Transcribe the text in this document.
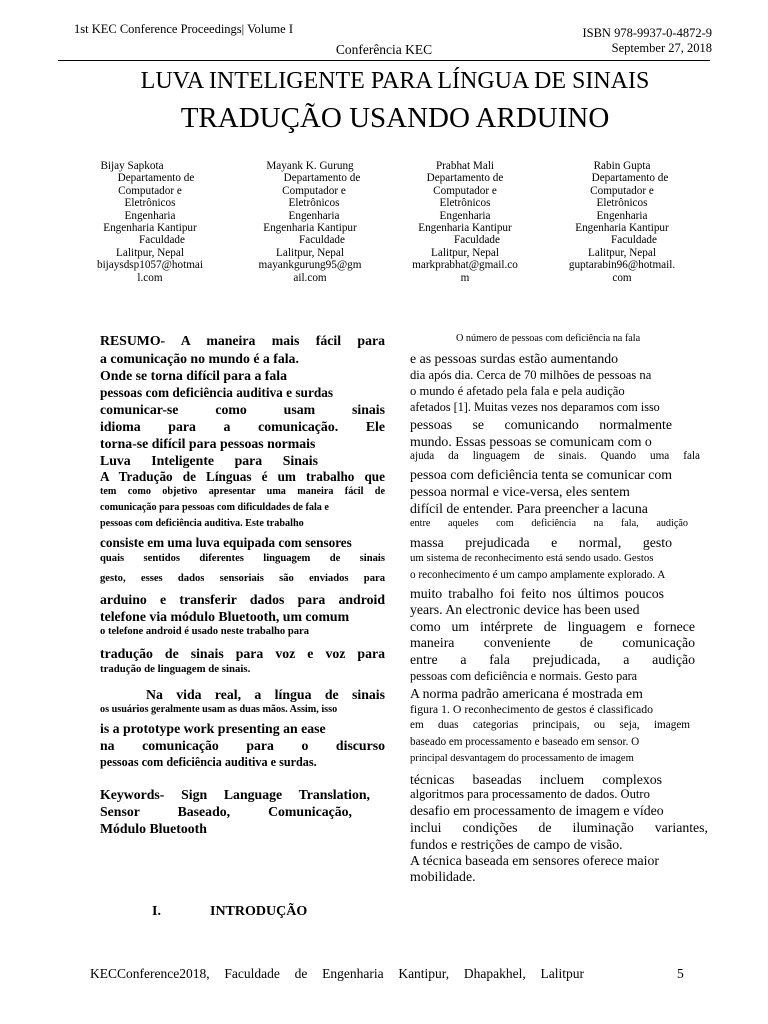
1st KEC Conference Proceedings| Volume I	ISBN 978-9937-0-4872-9
September 27, 2018
Conferência KEC
LUVA INTELIGENTE PARA LÍNGUA DE SINAIS
TRADUÇÃO USANDO ARDUINO
Bijay Sapkota
Departamento de
Computador e
Eletrônicos
Engenharia
Engenharia Kantipur
Faculdade
Lalitpur, Nepal
bijaysdsp1057@hotmai
l.com
Mayank K. Gurung
Departamento de
Computador e
Eletrônicos
Engenharia
Engenharia Kantipur
Faculdade
Lalitpur, Nepal
mayankgurung95@gm
ail.com
Prabhat Mali
Departamento de
Computador e
Eletrônicos
Engenharia
Engenharia Kantipur
Faculdade
Lalitpur, Nepal
markprabhat@gmail.co
m
Rabin Gupta
Departamento de
Computador e
Eletrônicos
Engenharia
Engenharia Kantipur
Faculdade
Lalitpur, Nepal
guptarabin96@hotmail.
com
RESUMO- A maneira mais fácil para
a comunicação no mundo é a fala.
Onde se torna difícil para a fala
pessoas com deficiência auditiva e surdas
comunicar-se como usam sinais
idioma para a comunicação. Ele
torna-se difícil para pessoas normais
Luva Inteligente para Sinais
A Tradução de Línguas é um trabalho que
tem como objetivo apresentar uma maneira fácil de
comunicação para pessoas com dificuldades de fala e
pessoas com deficiência auditiva. Este trabalho
consiste em uma luva equipada com sensores
quais sentidos diferentes linguagem de sinais
gesto, esses dados sensoriais são enviados para
arduino e transferir dados para android
telefone via módulo Bluetooth, um comum
o telefone android é usado neste trabalho para
tradução de sinais para voz e voz para
tradução de linguagem de sinais.
Na vida real, a língua de sinais
os usuários geralmente usam as duas mãos. Assim, isso
is a prototype work presenting an ease
na comunicação para o discurso
pessoas com deficiência auditiva e surdas.
Keywords- Sign Language Translation,
Sensor Baseado, Comunicação,
Módulo Bluetooth
I.	INTRODUÇÃO
O número de pessoas com deficiência na fala
e as pessoas surdas estão aumentando
dia após dia. Cerca de 70 milhões de pessoas na
o mundo é afetado pela fala e pela audição
afetados [1]. Muitas vezes nos deparamos com isso
pessoas se comunicando normalmente
mundo. Essas pessoas se comunicam com o
ajuda da linguagem de sinais. Quando uma fala
pessoa com deficiência tenta se comunicar com
pessoa normal e vice-versa, eles sentem
difícil de entender. Para preencher a lacuna
entre aqueles com deficiência na fala, audição
massa prejudicada e normal, gesto
um sistema de reconhecimento está sendo usado. Gestos
o reconhecimento é um campo amplamente explorado. A
muito trabalho foi feito nos últimos poucos
years. An electronic device has been used
como um intérprete de linguagem e fornece
maneira conveniente de comunicação
entre a fala prejudicada, a audição
pessoas com deficiência e normais. Gesto para
A norma padrão americana é mostrada em
figura 1. O reconhecimento de gestos é classificado
em duas categorias principais, ou seja, imagem
baseado em processamento e baseado em sensor. O
principal desvantagem do processamento de imagem
técnicas baseadas incluem complexos
algoritmos para processamento de dados. Outro
desafio em processamento de imagem e vídeo
inclui condições de iluminação variantes,
fundos e restrições de campo de visão.
A técnica baseada em sensores oferece maior
mobilidade.
KECConference2018, Faculdade de Engenharia Kantipur, Dhapakhel, Lalitpur	5
